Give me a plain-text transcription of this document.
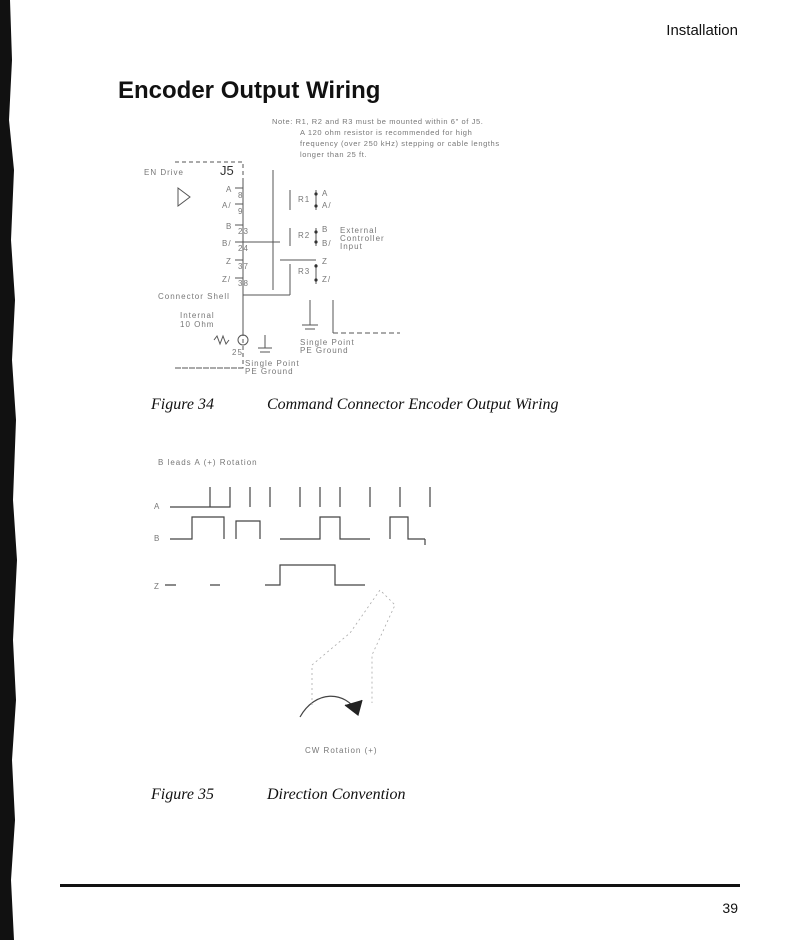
Installation
Encoder Output Wiring

Note: R1, R2 and R3 must be mounted within 6" of J5.

A 120 ohm resistor is recommended for high

frequency (over 250 kHz) stepping or cable lengths

longer than 25 ft.

EN Drive	J5
A
A/
B
B/
Z
Z/
8
9
23
24
37
38
R1
R2
R3
A
A/
B
B/
Z
Z/
External
Controller
Input
Connector Shell
Internal
10 Ohm
25
Single Point
PE Ground
Single Point
PE Ground
Figure 34	Command Connector Encoder Output Wiring
B leads A (+) Rotation
A
B
Z
CW Rotation (+)
Figure 35	Direction Convention
39
